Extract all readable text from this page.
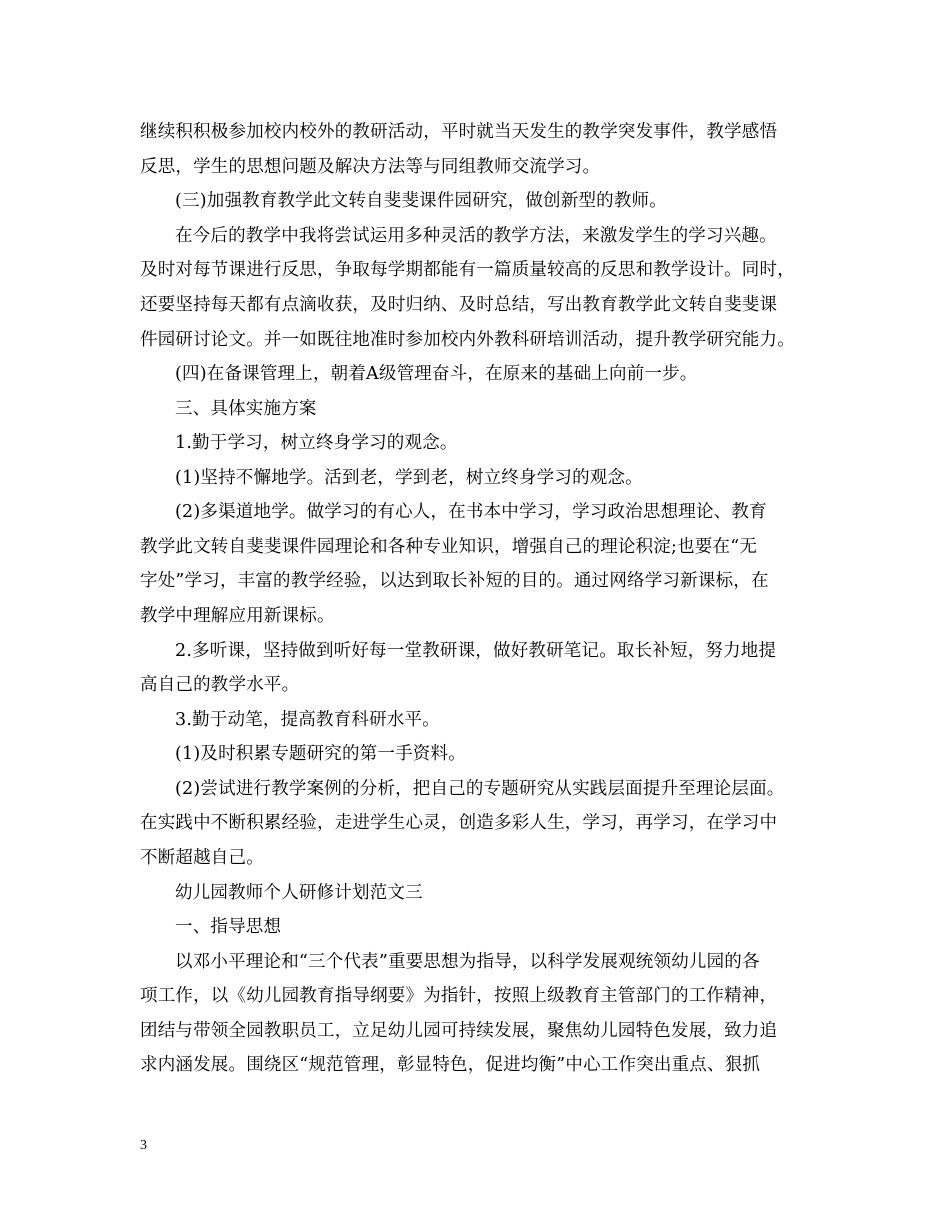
继续积积极参加校内校外的教研活动，平时就当天发生的教学突发事件，教学感悟
反思，学生的思想问题及解决方法等与同组教师交流学习。
(三)加强教育教学此文转自斐斐课件园研究，做创新型的教师。
在今后的教学中我将尝试运用多种灵活的教学方法，来激发学生的学习兴趣。
及时对每节课进行反思，争取每学期都能有一篇质量较高的反思和教学设计。同时，
还要坚持每天都有点滴收获，及时归纳、及时总结，写出教育教学此文转自斐斐课
件园研讨论文。并一如既往地准时参加校内外教科研培训活动，提升教学研究能力。
(四)在备课管理上，朝着A级管理奋斗，在原来的基础上向前一步。
三、具体实施方案
1.勤于学习，树立终身学习的观念。
(1)坚持不懈地学。活到老，学到老，树立终身学习的观念。
(2)多渠道地学。做学习的有心人，在书本中学习，学习政治思想理论、教育
教学此文转自斐斐课件园理论和各种专业知识，增强自己的理论积淀;也要在“无
字处”学习，丰富的教学经验，以达到取长补短的目的。通过网络学习新课标，在
教学中理解应用新课标。
2.多听课，坚持做到听好每一堂教研课，做好教研笔记。取长补短，努力地提
高自己的教学水平。
3.勤于动笔，提高教育科研水平。
(1)及时积累专题研究的第一手资料。
(2)尝试进行教学案例的分析，把自己的专题研究从实践层面提升至理论层面。
在实践中不断积累经验，走进学生心灵，创造多彩人生，学习，再学习，在学习中
不断超越自己。
幼儿园教师个人研修计划范文三
一、指导思想
以邓小平理论和“三个代表”重要思想为指导，以科学发展观统领幼儿园的各
项工作，以《幼儿园教育指导纲要》为指针，按照上级教育主管部门的工作精神，
团结与带领全园教职员工，立足幼儿园可持续发展，聚焦幼儿园特色发展，致力追
求内涵发展。围绕区“规范管理，彰显特色，促进均衡”中心工作突出重点、狠抓
3
